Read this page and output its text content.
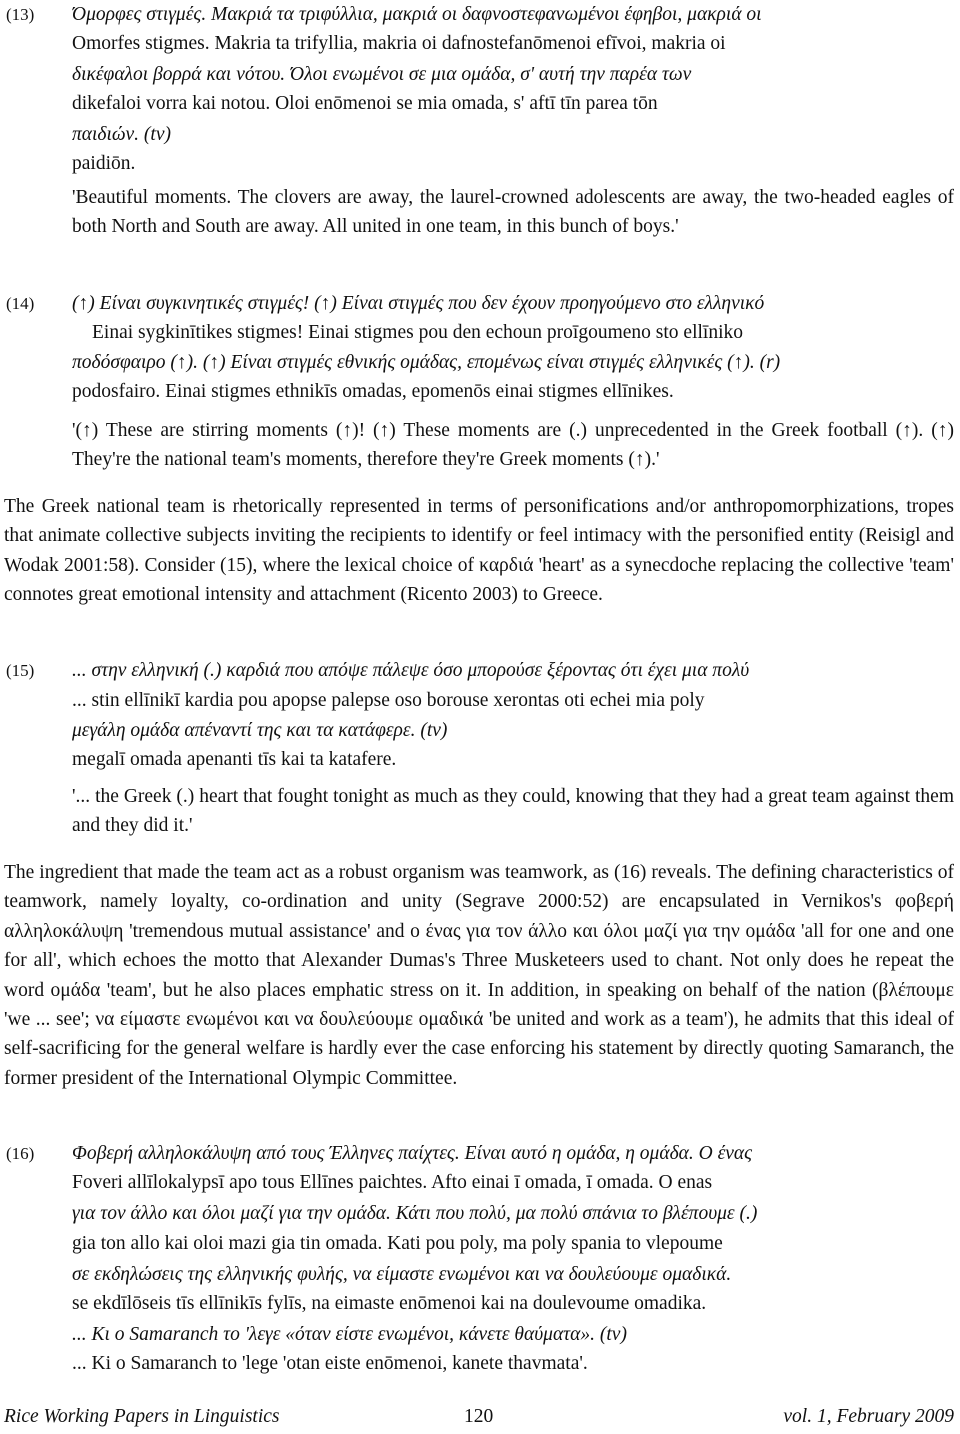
(13) Όμορφες στιγμές. Μακριά τα τριφύλλια, μακριά οι δαφνοστεφανωμένοι έφηβοι, μακριά οι
Omorfes stigmes. Makria ta trifyllia, makria oi dafnostefanōmenoi efīvoi, makria oi
δικέφαλοι βορρά και νότου. Όλοι ενωμένοι σε μια ομάδα, σ' αυτή την παρέα των
dikefaloi vorra kai notou. Oloi enōmenoi se mia omada, s' aftī tīn parea tōn
παιδιών. (tv)
paidiōn.
'Beautiful moments. The clovers are away, the laurel-crowned adolescents are away, the two-headed eagles of both North and South are away. All united in one team, in this bunch of boys.'
(14) (↑) Είναι συγκινητικές στιγμές! (↑) Είναι στιγμές που δεν έχουν προηγούμενο στο ελληνικό
Einai sygkinītikes stigmes! Einai stigmes pou den echoun proīgoumeno sto ellīniko
ποδόσφαιρο (↑). (↑) Είναι στιγμές εθνικής ομάδας, επομένως είναι στιγμές ελληνικές (↑). (r)
podosfairo. Einai stigmes ethnikīs omadas, epomenōs einai stigmes ellīnikes.
'(↑) These are stirring moments (↑)! (↑) These moments are (.) unprecedented in the Greek football (↑). (↑) They're the national team's moments, therefore they're Greek moments (↑).'
The Greek national team is rhetorically represented in terms of personifications and/or anthropomorphizations, tropes that animate collective subjects inviting the recipients to identify or feel intimacy with the personified entity (Reisigl and Wodak 2001:58). Consider (15), where the lexical choice of καρδιά 'heart' as a synecdoche replacing the collective 'team' connotes great emotional intensity and attachment (Ricento 2003) to Greece.
(15) ... στην ελληνική (.) καρδιά που απόψε πάλεψε όσο μπορούσε ξέροντας ότι έχει μια πολύ
... stin ellīnikī kardia pou apopse palepse oso borouse xerontas oti echei mia poly
μεγάλη ομάδα απέναντί της και τα κατάφερε. (tv)
megalī omada apenanti tīs kai ta katafere.
'... the Greek (.) heart that fought tonight as much as they could, knowing that they had a great team against them and they did it.'
The ingredient that made the team act as a robust organism was teamwork, as (16) reveals. The defining characteristics of teamwork, namely loyalty, co-ordination and unity (Segrave 2000:52) are encapsulated in Vernikos's φοβερή αλληλοκάλυψη 'tremendous mutual assistance' and ο ένας για τον άλλο και όλοι μαζί για την ομάδα 'all for one and one for all', which echoes the motto that Alexander Dumas's Three Musketeers used to chant. Not only does he repeat the word ομάδα 'team', but he also places emphatic stress on it. In addition, in speaking on behalf of the nation (βλέπουμε 'we ... see'; να είμαστε ενωμένοι και να δουλεύουμε ομαδικά 'be united and work as a team'), he admits that this ideal of self-sacrificing for the general welfare is hardly ever the case enforcing his statement by directly quoting Samaranch, the former president of the International Olympic Committee.
(16) Φοβερή αλληλοκάλυψη από τους Έλληνες παίχτες. Είναι αυτό η ομάδα, η ομάδα. Ο ένας
Foveri allīlokalypsī apo tous Ellīnes paichtes. Afto einai ī omada, ī omada. O enas
για τον άλλο και όλοι μαζί για την ομάδα. Κάτι που πολύ, μα πολύ σπάνια το βλέπουμε (.)
gia ton allo kai oloi mazi gia tin omada. Kati pou poly, ma poly spania to vlepoume
σε εκδηλώσεις της ελληνικής φυλής, να είμαστε ενωμένοι και να δουλεύουμε ομαδικά.
se ekdīlōseis tīs ellīnikīs fylīs, na eimaste enōmenoi kai na doulevoume omadika.
... Κι ο Samaranch το 'λεγε «όταν είστε ενωμένοι, κάνετε θαύματα». (tv)
... Ki o Samaranch to 'lege 'otan eiste enōmenoi, kanete thavmata'.
Rice Working Papers in Linguistics	120	vol. 1, February 2009
